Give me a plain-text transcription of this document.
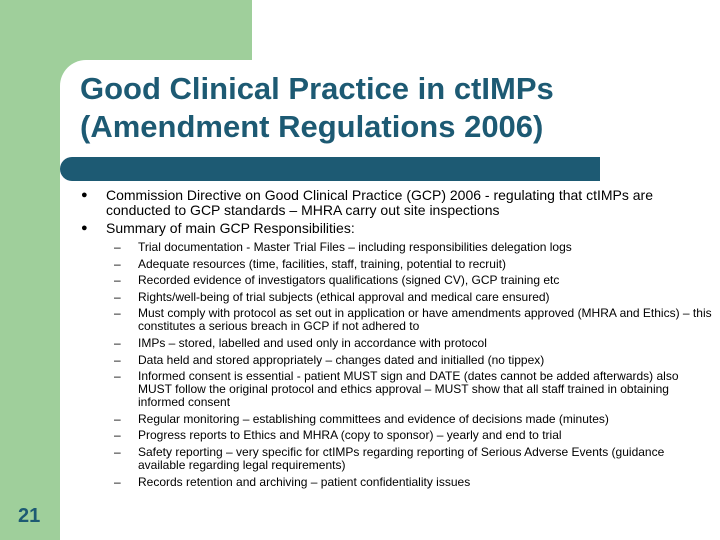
Good Clinical Practice in ctIMPs
(Amendment Regulations 2006)
● Commission Directive on Good Clinical Practice (GCP) 2006 - regulating that ctIMPs are conducted to GCP standards – MHRA carry out site inspections
● Summary of main GCP Responsibilities:
– Trial documentation - Master Trial Files – including responsibilities delegation logs
– Adequate resources (time, facilities, staff, training, potential to recruit)
– Recorded evidence of investigators qualifications (signed CV), GCP training etc
– Rights/well-being of trial subjects (ethical approval and medical care ensured)
– Must comply with protocol as set out in application or have amendments approved (MHRA and Ethics) – this constitutes a serious breach in GCP if not adhered to
– IMPs – stored, labelled and used only in accordance with protocol
– Data held and stored appropriately – changes dated and initialled (no tippex)
– Informed consent is essential - patient MUST sign and DATE (dates cannot be added afterwards) also MUST follow the original protocol and ethics approval – MUST show that all staff trained in obtaining informed consent
– Regular monitoring – establishing committees and evidence of decisions made (minutes)
– Progress reports to Ethics and MHRA (copy to sponsor) – yearly and end to trial
– Safety reporting – very specific for ctIMPs regarding reporting of Serious Adverse Events (guidance available regarding legal requirements)
– Records retention and archiving – patient confidentiality issues
21
